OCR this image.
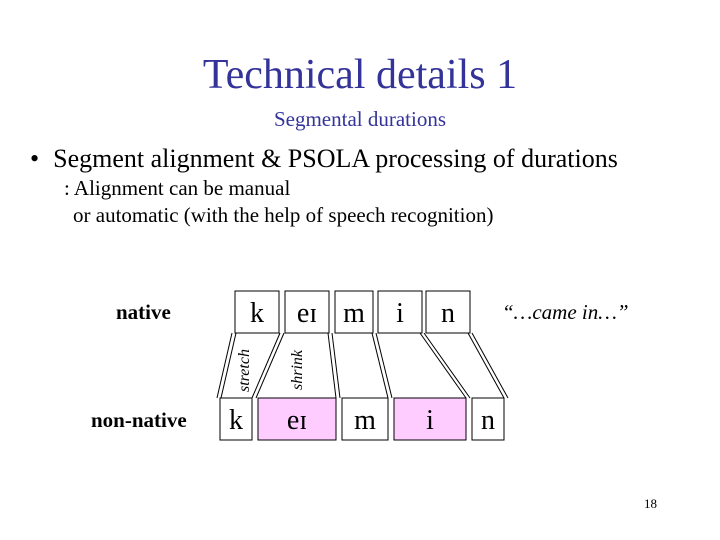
Technical details 1
Segmental durations
• Segment alignment & PSOLA processing of durations
: Alignment can be manual
or automatic (with the help of speech recognition)
native
non-native
“…came in…”
k eɪ m i n
k eɪ m i n
stretch shrink
18
